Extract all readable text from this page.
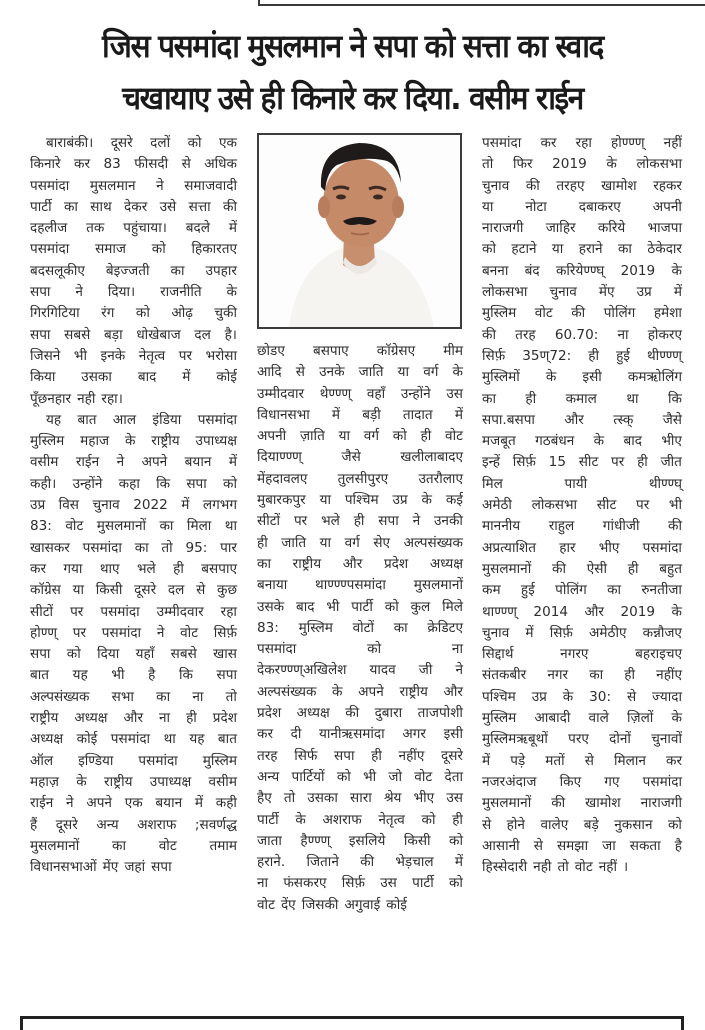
जिस पसमांदा मुसलमान ने सपा को सत्ता का स्वाद
चखायाए उसे ही किनारे कर दिया. वसीम राईन
बाराबंकी। दूसरे दलों को एक
किनारे कर 83 फीसदी से अधिक
पसमांदा मुसलमान ने समाजवादी
पार्टी का साथ देकर उसे सत्ता की
दहलीज तक पहुंचाया। बदले में
पसमांदा समाज को हिकारतए
बदसलूकीए बेइज्जती का उपहार
सपा ने दिया। राजनीति के
गिरगिटिया रंग को ओढ़ चुकी
सपा सबसे बड़ा धोखेबाज दल है।
जिसने भी इनके नेतृत्व पर भरोसा
किया उसका बाद में कोई
पूँछनहार नही रहा।
यह बात आल इंडिया पसमांदा
मुस्लिम महाज के राष्ट्रीय उपाध्यक्ष
वसीम राईन ने अपने बयान में
कही। उन्होंने कहा कि सपा को
उप्र विस चुनाव 2022 में लगभग
83: वोट मुसलमानों का मिला था
खासकर पसमांदा का तो 95: पार
कर गया थाए भले ही बसपाए
कॉग्रेस या किसी दूसरे दल से कुछ
सीटों पर पसमांदा उम्मीदवार रहा
होण्ण् पर पसमांदा ने वोट सिर्फ़
सपा को दिया यहाँ सबसे खास
बात यह भी है कि सपा
अल्पसंख्यक सभा का ना तो
राष्ट्रीय अध्यक्ष और ना ही प्रदेश
अध्यक्ष कोई पसमांदा था यह बात
ऑल इण्डिया पसमांदा मुस्लिम
महाज़ के राष्ट्रीय उपाध्यक्ष वसीम
राईन ने अपने एक बयान में कही
हैं दूसरे अन्य अशराफ ;सवर्णद्ध
मुसलमानों का वोट तमाम
विधानसभाओं मेंए जहां सपा
छोडए बसपाए कॉग्रेसए मीम
आदि से उनके जाति या वर्ग के
उम्मीदवार थेण्ण्ण् वहाँ उन्होंने उस
विधानसभा में बड़ी तादात में
अपनी ज़ाति या वर्ग को ही वोट
दियाण्ण्ण्	जैसे	खलीलाबादए
मेंहदावलए तुलसीपुरए उतरौलाए
मुबारकपुर या पश्चिम उप्र के कई
सीटों पर भले ही सपा ने उनकी
ही जाति या वर्ग सेए अल्पसंख्यक
का राष्ट्रीय और प्रदेश अध्यक्ष
बनाया थाण्ण्ण्पसमांदा मुसलमानों
उसके बाद भी पार्टी को कुल मिले
83: मुस्लिम वोटों का क्रेडिटए
पसमांदा	को	ना
देकरण्ण्ण्अखिलेश यादव जी ने
अल्पसंख्यक के अपने राष्ट्रीय और
प्रदेश अध्यक्ष की दुबारा ताजपोशी
कर दी यानीऋसमांदा अगर इसी
तरह सिर्फ सपा ही नहींए दूसरे
अन्य पार्टियों को भी जो वोट देता
हैए तो उसका सारा श्रेय भीए उस
पार्टी के अशराफ नेतृत्व को ही
जाता हैण्ण्ण् इसलिये किसी को
हराने. जिताने की भेड़चाल में
ना फंसकरए सिर्फ़ उस पार्टी को
वोट देंए जिसकी अगुवाई कोई
पसमांदा कर रहा होण्ण्ण् नहीं
तो फिर 2019 के लोकसभा
चुनाव की तरहए खामोश रहकर
या नोटा दबाकरए अपनी
नाराजगी जाहिर करिये भाजपा
को हटाने या हराने का ठेकेदार
बनना बंद करियेण्ण्घ् 2019 के
लोकसभा चुनाव मेंए उप्र में
मुस्लिम वोट की पोलिंग हमेशा
की तरह 60.70: ना होकरए
सिर्फ़ 35ण्72: ही हुई थीण्ण्ण्
मुस्लिमों के इसी कमऋोलिंग
का ही कमाल था कि
सपा.बसपा और त्स्क् जैसे
मजबूत गठबंधन के बाद भीए
इन्हें सिर्फ़ 15 सीट पर ही जीत
मिल	पायी	थीण्ण्घ्
अमेठी लोकसभा सीट पर भी
माननीय राहुल गांधीजी की
अप्रत्याशित हार भीए पसमांदा
मुसलमानों की ऐसी ही बहुत
कम हुई पोलिंग का रुनतीजा
थाण्ण्ण् 2014 और 2019 के
चुनाव में सिर्फ़ अमेठीए कन्नौजए
सिद्दार्थ	नगरए	बहराइचए
संतकबीर नगर का ही नहींए
पश्चिम उप्र के 30: से ज्यादा
मुस्लिम आबादी वाले ज़िलों के
मुस्लिमऋबूथों परए दोनों चुनावों
में पड़े मतों से मिलान कर
नजरअंदाज किए गए पसमांदा
मुसलमानों की खामोश नाराजगी
से होने वालेए बड़े नुकसान को
आसानी से समझा जा सकता है
हिस्सेदारी नही तो वोट नहीं ।
